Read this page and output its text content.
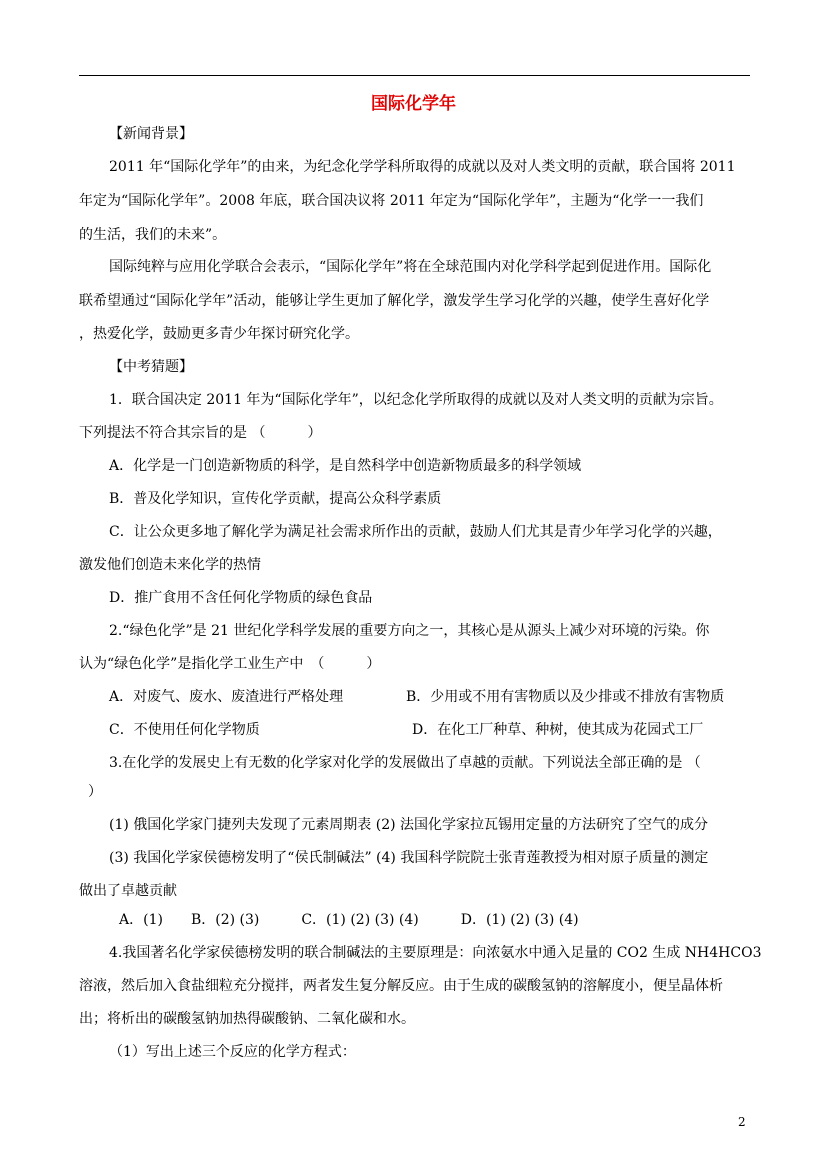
国际化学年
【新闻背景】
2011 年“国际化学年”的由来，为纪念化学学科所取得的成就以及对人类文明的贡献，联合国将 2011
年定为“国际化学年”。2008 年底，联合国决议将 2011 年定为“国际化学年”，主题为“化学一一我们
的生活，我们的未来”。
国际纯粹与应用化学联合会表示，“国际化学年”将在全球范围内对化学科学起到促进作用。国际化
联希望通过“国际化学年”活动，能够让学生更加了解化学，激发学生学习化学的兴趣，使学生喜好化学
，热爱化学，鼓励更多青少年探讨研究化学。
【中考猜题】
1．联合国决定 2011 年为“国际化学年”，以纪念化学所取得的成就以及对人类文明的贡献为宗旨。
下列提法不符合其宗旨的是 （　　　）
A．化学是一门创造新物质的科学，是自然科学中创造新物质最多的科学领域
B．普及化学知识，宣传化学贡献，提高公众科学素质
C．让公众更多地了解化学为满足社会需求所作出的贡献，鼓励人们尤其是青少年学习化学的兴趣，
激发他们创造未来化学的热情
D．推广食用不含任何化学物质的绿色食品
2.“绿色化学”是 21 世纪化学科学发展的重要方向之一，其核心是从源头上减少对环境的污染。你
认为“绿色化学”是指化学工业生产中　（　　　）
A．对废气、废水、废渣进行严格处理	B．少用或不用有害物质以及少排或不排放有害物质
C．不使用任何化学物质	D．在化工厂种草、种树，使其成为花园式工厂
3.在化学的发展史上有无数的化学家对化学的发展做出了卓越的贡献。下列说法全部正确的是 （
）
(1) 俄国化学家门捷列夫发现了元素周期表 (2) 法国化学家拉瓦锡用定量的方法研究了空气的成分
(3) 我国化学家侯德榜发明了“侯氏制碱法” (4) 我国科学院院士张青莲教授为相对原子质量的测定
做出了卓越贡献
A．(1)　　B．(2) (3)　　　C．(1) (2) (3) (4)　　　D．(1) (2) (3) (4)
4.我国著名化学家侯德榜发明的联合制碱法的主要原理是：向浓氨水中通入足量的 CO2 生成 NH4HCO3
溶液，然后加入食盐细粒充分搅拌，两者发生复分解反应。由于生成的碳酸氢钠的溶解度小，便呈晶体析
出；将析出的碳酸氢钠加热得碳酸钠、二氧化碳和水。
（1）写出上述三个反应的化学方程式：
2
